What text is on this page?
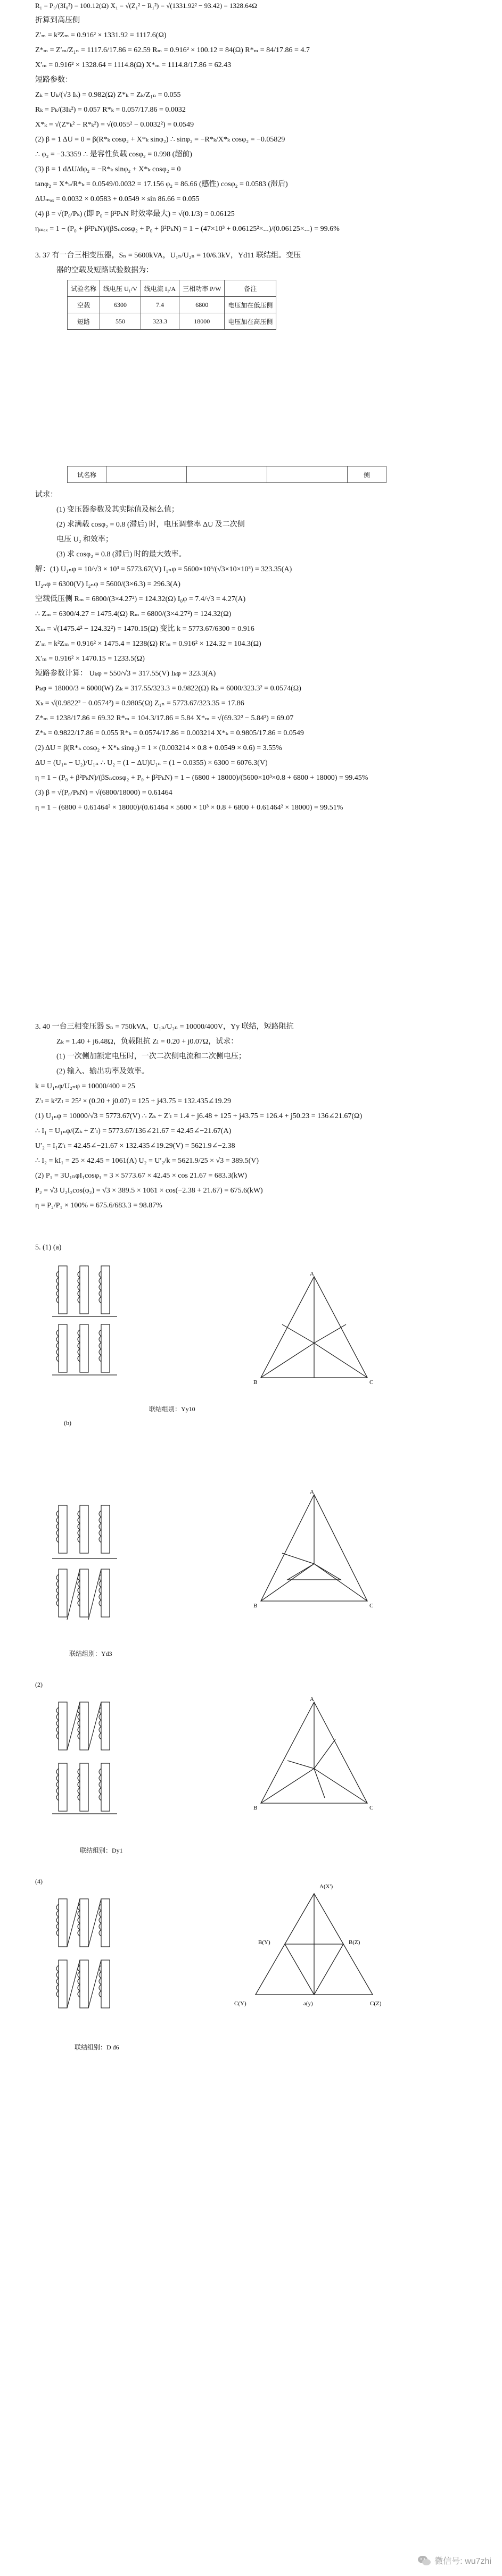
R₁ = P₀/(3I₀²) = 100.12(Ω) X₁ = √(Z₁² − R₁²) = √(1331.92² − 93.42) = 1328.64Ω
折算到高压侧
Z′ₘ = k²Zₘ = 0.916² × 1331.92 = 1117.6(Ω)
Z*ₘ = Z′ₘ/Z₁ₙ = 1117.6/17.86 = 62.59 Rₘ = 0.916² × 100.12 = 84(Ω) R*ₘ = 84/17.86 = 4.7
X′ₘ = 0.916² × 1328.64 = 1114.8(Ω) X*ₘ = 1114.8/17.86 = 62.43
短路参数：
Zₖ = Uₖ/(√3 Iₖ) = 0.982(Ω) Z*ₖ = Zₖ/Z₁ₙ = 0.055
Rₖ = Pₖ/(3Iₖ²) = 0.057 R*ₖ = 0.057/17.86 = 0.0032
X*ₖ = √(Z*ₖ² − R*ₖ²) = √(0.055² − 0.0032²) = 0.0549
(2) β = 1 ΔU = 0 = β(R*ₖ cosφ₂ + X*ₖ sinφ₂) ∴ sinφ₂ = −R*ₖ/X*ₖ cosφ₂ = −0.05829
∴ φ₂ = −3.3359 ∴ 是容性负载 cosφ₂ = 0.998 (超前)
(3) β = 1 dΔU/dφ₂ = −R*ₖ sinφ₂ + X*ₖ cosφ₂ = 0
tanφ₂ = X*ₖ/R*ₖ = 0.0549/0.0032 = 17.156 φ₂ = 86.66 (感性) cosφ₂ = 0.0583 (滞后)
ΔUₘₐₓ = 0.0032 × 0.0583 + 0.0549 × sin 86.66 = 0.055
(4) β = √(P₀/Pₖ) (即 P₀ = β²PₖN 时效率最大) = √(0.1/3) = 0.06125
ηₘₐₓ = 1 − (P₀ + β²PₖN)/(βSₙcosφ₂ + P₀ + β²PₖN) = 1 − (47×10³ + 0.06125²×...)/(0.06125×...) = 99.6%
3. 37 有一台三相变压器，Sₙ = 5600kVA，U₁ₙ/U₂ₙ = 10/6.3kV，Yd11 联结组。变压
器的空载及短路试验数据为：
试验名称	线电压 U₁/V	线电流 I₁/A	三相功率 P/W	备注
空载	6300	7.4	6800	电压加在低压侧
短路	550	323.3	18000	电压加在高压侧
试名称				侧
试求：
(1) 变压器参数及其实际值及标么值；
(2) 求满载 cosφ₂ = 0.8 (滞后) 时，电压调整率 ΔU 及二次侧
电压 U₂ 和效率；
(3) 求 cosφ₂ = 0.8 (滞后) 时的最大效率。
解：(1) U₁ₙφ = 10/√3 × 10³ = 5773.67(V) I₁ₙφ = 5600×10³/(√3×10×10³) = 323.35(A)
U₂ₙφ = 6300(V) I₂ₙφ = 5600/(3×6.3) = 296.3(A)
空载低压侧 Rₘ = 6800/(3×4.27²) = 124.32(Ω) I₀φ = 7.4/√3 = 4.27(A)
∴ Zₘ = 6300/4.27 = 1475.4(Ω) Rₘ = 6800/(3×4.27²) = 124.32(Ω)
Xₘ = √(1475.4² − 124.32²) = 1470.15(Ω) 变比 k = 5773.67/6300 = 0.916
Z′ₘ = k²Zₘ = 0.916² × 1475.4 = 1238(Ω) R′ₘ = 0.916² × 124.32 = 104.3(Ω)
X′ₘ = 0.916² × 1470.15 = 1233.5(Ω)
短路参数计算： Uₖφ = 550/√3 = 317.55(V) Iₖφ = 323.3(A)
Pₖφ = 18000/3 = 6000(W) Zₖ = 317.55/323.3 = 0.9822(Ω) Rₖ = 6000/323.3² = 0.0574(Ω)
Xₖ = √(0.9822² − 0.0574²) = 0.9805(Ω) Z₁ₙ = 5773.67/323.35 = 17.86
Z*ₘ = 1238/17.86 = 69.32 R*ₘ = 104.3/17.86 = 5.84 X*ₘ = √(69.32² − 5.84²) = 69.07
Z*ₖ = 0.9822/17.86 = 0.055 R*ₖ = 0.0574/17.86 = 0.003214 X*ₖ = 0.9805/17.86 = 0.0549
(2) ΔU = β(R*ₖ cosφ₂ + X*ₖ sinφ₂) = 1 × (0.003214 × 0.8 + 0.0549 × 0.6) = 3.55%
ΔU = (U₁ₙ − U₂)/U₁ₙ ∴ U₂ = (1 − ΔU)U₁ₙ = (1 − 0.0355) × 6300 = 6076.3(V)
η = 1 − (P₀ + β²PₖN)/(βSₙcosφ₂ + P₀ + β²PₖN) = 1 − (6800 + 18000)/(5600×10³×0.8 + 6800 + 18000) = 99.45%
(3) β = √(P₀/PₖN) = √(6800/18000) = 0.61464
η = 1 − (6800 + 0.61464² × 18000)/(0.61464 × 5600 × 10³ × 0.8 + 6800 + 0.61464² × 18000) = 99.51%
3. 40 一台三相变压器 Sₙ = 750kVA，U₁ₙ/U₂ₙ = 10000/400V，Yy 联结，短路阻抗
Zₖ = 1.40 + j6.48Ω，负载阻抗 Zₗ = 0.20 + j0.07Ω，试求：
(1) 一次侧加额定电压时，一次二次侧电流和二次侧电压；
(2) 输入、输出功率及效率。
k = U₁ₙφ/U₂ₙφ = 10000/400 = 25
Z′ₗ = k²Zₗ = 25² × (0.20 + j0.07) = 125 + j43.75 = 132.435∠19.29
(1) U₁ₙφ = 10000/√3 = 5773.67(V) ∴ Zₖ + Z′ₗ = 1.4 + j6.48 + 125 + j43.75 = 126.4 + j50.23 = 136∠21.67(Ω)
∴ I₁ = U₁ₙφ/(Zₖ + Z′ₗ) = 5773.67/136∠21.67 = 42.45∠−21.67(A)
U′₂ = I₁Z′ₗ = 42.45∠−21.67 × 132.435∠19.29(V) = 5621.9∠−2.38
∴ I₂ = kI₁ = 25 × 42.45 = 1061(A) U₂ = U′₂/k = 5621.9/25 × √3 = 389.5(V)
(2) P₁ = 3U₁ₙφI₁cosφ₁ = 3 × 5773.67 × 42.45 × cos 21.67 = 683.3(kW)
P₂ = √3 U₂I₂cos(φ₂) = √3 × 389.5 × 1061 × cos(−2.38 + 21.67) = 675.6(kW)
η = P₂/P₁ × 100% = 675.6/683.3 = 98.87%
5. (1) (a)
A
B	C
联结组别：Yy10
(b)
A
B	C
联结组别：Yd3
(2)
A
B	C
联结组别：Dy1
(4)
A(X')
B(Y)	B(Z)
C(Y)	C(Z)
a(y)
联结组别：D d6
微信号: wu7zhi
